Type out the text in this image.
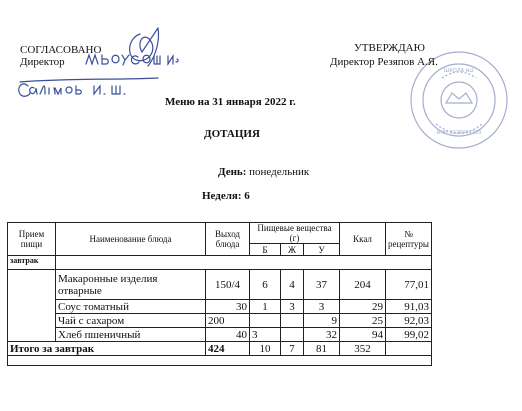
СОГЛАСОВАНО
Директор
УТВЕРЖДАЮ
Директор Резяпов А.Я.
ШКОЛА №2
ИНН 0226004333
Меню на 31 января 2022 г.
ДОТАЦИЯ
День: понедельник
Неделя: 6
Прием пищи	Наименование блюда	Выход блюда	Пищевые вещества (г)			Ккал	№ рецептуры
			Б	Ж	У		
завтрак							
	Макаронные изделия отварные	150/4	6	4	37	204	77,01
	Соус томатный	30	1	3	3	29	91,03
	Чай с сахаром	200			9	25	92,03
	Хлеб пшеничный	40	3		32	94	99,02
Итого за завтрак		424	10	7	81	352	
